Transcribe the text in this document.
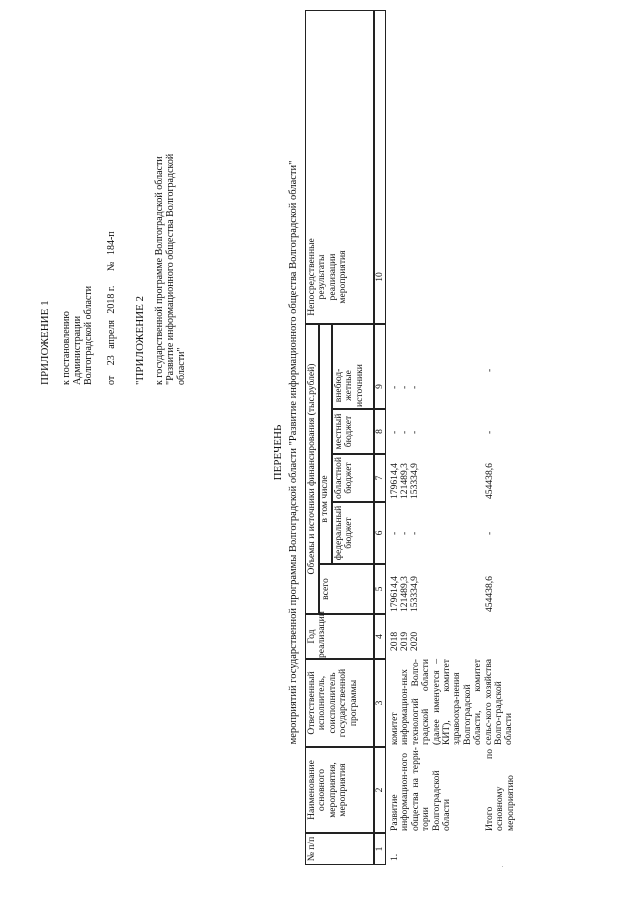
ПРИЛОЖЕНИЕ 1 к постановлению Администрации Волгоградской области от 23 апреля 2018 г. № 184-п
"ПРИЛОЖЕНИЕ 2 к государственной программе Волгоградской области "Развитие информационного общества Волгоградской области"
ПЕРЕЧЕНЬ мероприятий государственной программы Волгоградской области "Развитие информационного общества Волгоградской области"
№ п/п
Наименование основного мероприятия, мероприятия
Ответственный исполнитель, соисполнитель государственной программы
Год реализации
Объемы и источники финансирования (тыс.рублей)
всего
в том числе
федеральный бюджет
областной бюджет
местный бюджет
внебюд-жетные источники
Непосредственные результаты реализации мероприятия
1
2
3
4
5
6
7
8
9
10
1.
Развитие информацион-ного общества на терри-тории Волгоградской области
комитет информацион-ных технологий Волго-градской области (далее именуется – КИТ), комитет здравоохра-нения Волгоградской области, комитет сельс-кого хозяйства Волго-градской области
2018 2019 2020
179614,4 121489,3 153334,9
- - -
179614,4 121489,3 153334,9
- - -
- - -
Итого по основному мероприятию
454438,6
-
454438,6
-
-
